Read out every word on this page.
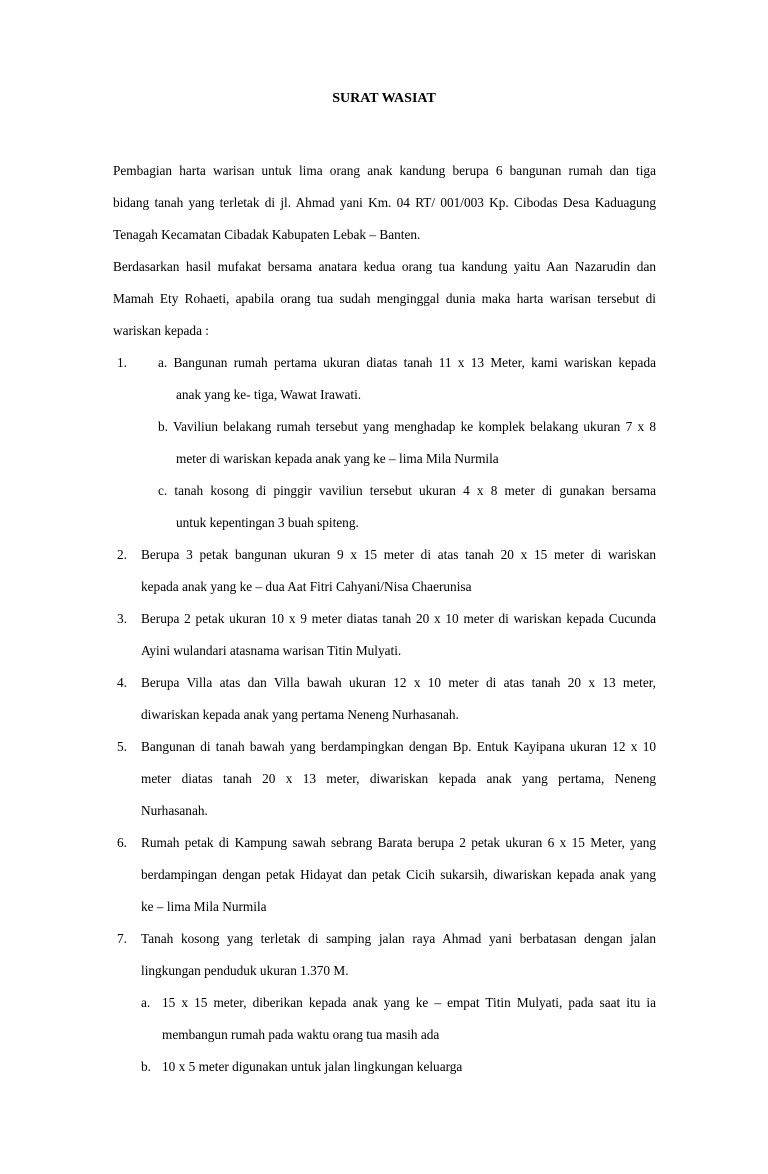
SURAT WASIAT
Pembagian harta warisan untuk lima orang anak kandung berupa 6 bangunan rumah dan tiga
bidang tanah yang terletak di jl. Ahmad yani Km. 04 RT/ 001/003 Kp. Cibodas Desa Kaduagung
Tenagah Kecamatan Cibadak Kabupaten Lebak – Banten.
Berdasarkan hasil mufakat bersama anatara kedua orang tua kandung yaitu Aan Nazarudin dan
Mamah Ety Rohaeti, apabila orang tua sudah menginggal dunia maka harta warisan tersebut di
wariskan kepada :
1. a. Bangunan rumah pertama ukuran diatas tanah 11 x 13 Meter, kami wariskan kepada
anak yang ke- tiga, Wawat Irawati.
b. Vaviliun belakang rumah tersebut yang menghadap ke komplek belakang ukuran 7 x 8
meter di wariskan kepada anak yang ke – lima Mila Nurmila
c. tanah kosong di pinggir vaviliun tersebut ukuran 4 x 8 meter di gunakan bersama
untuk kepentingan 3 buah spiteng.
2. Berupa 3 petak bangunan ukuran 9 x 15 meter di atas tanah 20 x 15 meter di wariskan
kepada anak yang ke – dua Aat Fitri Cahyani/Nisa Chaerunisa
3. Berupa 2 petak ukuran 10 x 9 meter diatas tanah 20 x 10 meter di wariskan kepada Cucunda
Ayini wulandari atasnama warisan Titin Mulyati.
4. Berupa Villa atas dan Villa bawah ukuran 12 x 10 meter di atas tanah 20 x 13 meter,
diwariskan kepada anak yang pertama Neneng Nurhasanah.
5. Bangunan di tanah bawah yang berdampingkan dengan Bp. Entuk Kayipana ukuran 12 x 10
meter diatas tanah 20 x 13 meter, diwariskan kepada anak yang pertama, Neneng
Nurhasanah.
6. Rumah petak di Kampung sawah sebrang Barata berupa 2 petak ukuran 6 x 15 Meter, yang
berdampingan dengan petak Hidayat dan petak Cicih sukarsih, diwariskan kepada anak yang
ke – lima Mila Nurmila
7. Tanah kosong yang terletak di samping jalan raya Ahmad yani berbatasan dengan jalan
lingkungan penduduk ukuran 1.370 M.
a. 15 x 15 meter, diberikan kepada anak yang ke – empat Titin Mulyati, pada saat itu ia
membangun rumah pada waktu orang tua masih ada
b. 10 x 5 meter digunakan untuk jalan lingkungan keluarga
